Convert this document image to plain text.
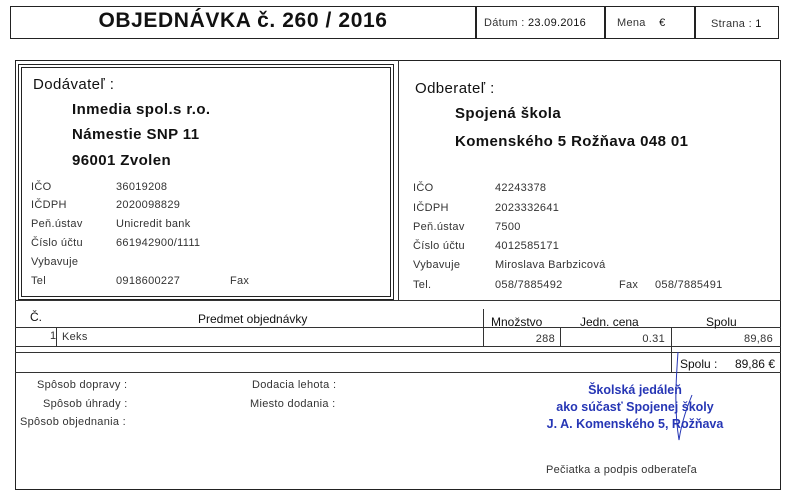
OBJEDNÁVKA č. 260 / 2016	Dátum : 23.09.2016	Mena €	Strana : 1
Dodávateľ :
Inmedia spol.s r.o.
Námestie SNP 11
96001 Zvolen
IČO	36019208
IČDPH	2020098829
Peň.ústav	Unicredit bank
Číslo účtu	661942900/1111
Vybavuje
Tel	0918600227	Fax
Odberateľ :
Spojená škola
Komenského 5 Rožňava 048 01
IČO	42243378
IČDPH	2023332641
Peň.ústav	7500
Číslo účtu	4012585171
Vybavuje	Miroslava Barbzicová
Tel.	058/7885492	Fax 058/7885491
Č.	Predmet objednávky	Množstvo	Jedn. cena	Spolu
1 Keks	288	0.31	89,86
Spolu :	89,86 €
Spôsob dopravy :
Spôsob úhrady :
Spôsob objednania :
Dodacia lehota :
Miesto dodania :
Školská jedáleň
ako súčasť Spojenej školy
J. A. Komenského 5, Rožňava
Pečiatka a podpis odberateľa
